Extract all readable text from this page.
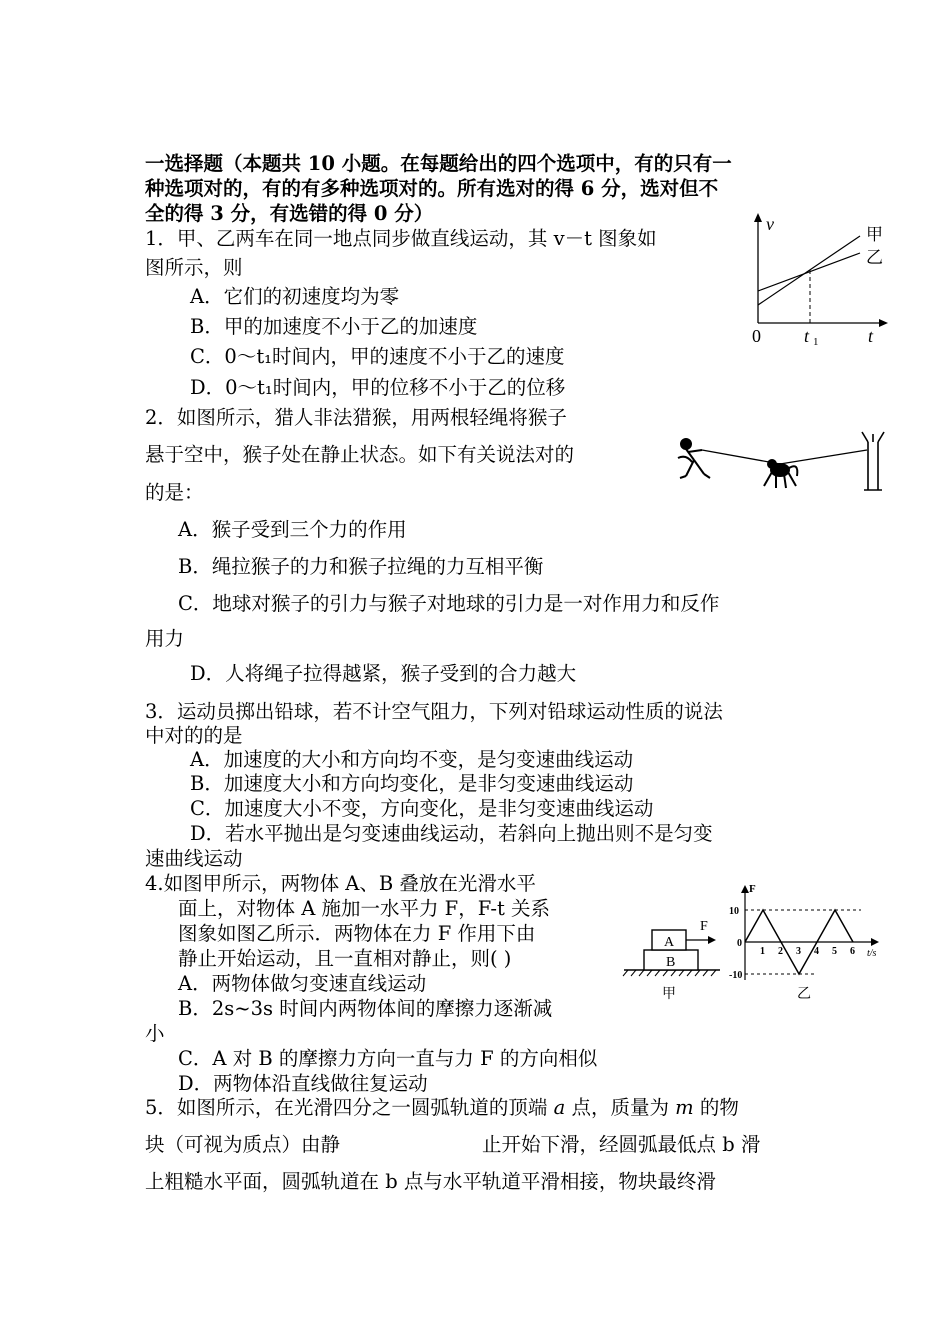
一选择题（本题共 10 小题。在每题给出的四个选项中，有的只有一
种选项对的，有的有多种选项对的。所有选对的得 6 分，选对但不
全的得 3 分，有选错的得 0 分）
1．甲、乙两车在同一地点同步做直线运动，其 v－t 图象如
图所示，则
A．它们的初速度均为零
B．甲的加速度不小于乙的加速度
C．0～t₁时间内，甲的速度不小于乙的速度
D．0～t₁时间内，甲的位移不小于乙的位移
v
t
0 t 1
甲
乙
2．如图所示，猎人非法猎猴，用两根轻绳将猴子
悬于空中，猴子处在静止状态。如下有关说法对的
的是：
A．猴子受到三个力的作用
B．绳拉猴子的力和猴子拉绳的力互相平衡
C．地球对猴子的引力与猴子对地球的引力是一对作用力和反作
用力
D．人将绳子拉得越紧，猴子受到的合力越大
3．运动员掷出铅球，若不计空气阻力，下列对铅球运动性质的说法
中对的的是
A．加速度的大小和方向均不变，是匀变速曲线运动
B．加速度大小和方向均变化，是非匀变速曲线运动
C．加速度大小不变，方向变化，是非匀变速曲线运动
D．若水平抛出是匀变速曲线运动，若斜向上抛出则不是匀变
速曲线运动
4.如图甲所示，两物体 A、B 叠放在光滑水平
面上，对物体 A 施加一水平力 F，F-t 关系
图象如图乙所示．两物体在力 F 作用下由
静止开始运动，且一直相对静止，则( )
A．两物体做匀变速直线运动
B．2s~3s 时间内两物体间的摩擦力逐渐减
小
C．A 对 B 的摩擦力方向一直与力 F 的方向相似
D．两物体沿直线做往复运动
A
B
F
甲
F
t/s
10
-10
0
1 2 3 4 5 6
乙
5．如图所示，在光滑四分之一圆弧轨道的顶端 a 点，质量为 m 的物
块（可视为质点）由静	止开始下滑，经圆弧最低点 b 滑
上粗糙水平面，圆弧轨道在 b 点与水平轨道平滑相接，物块最终滑
